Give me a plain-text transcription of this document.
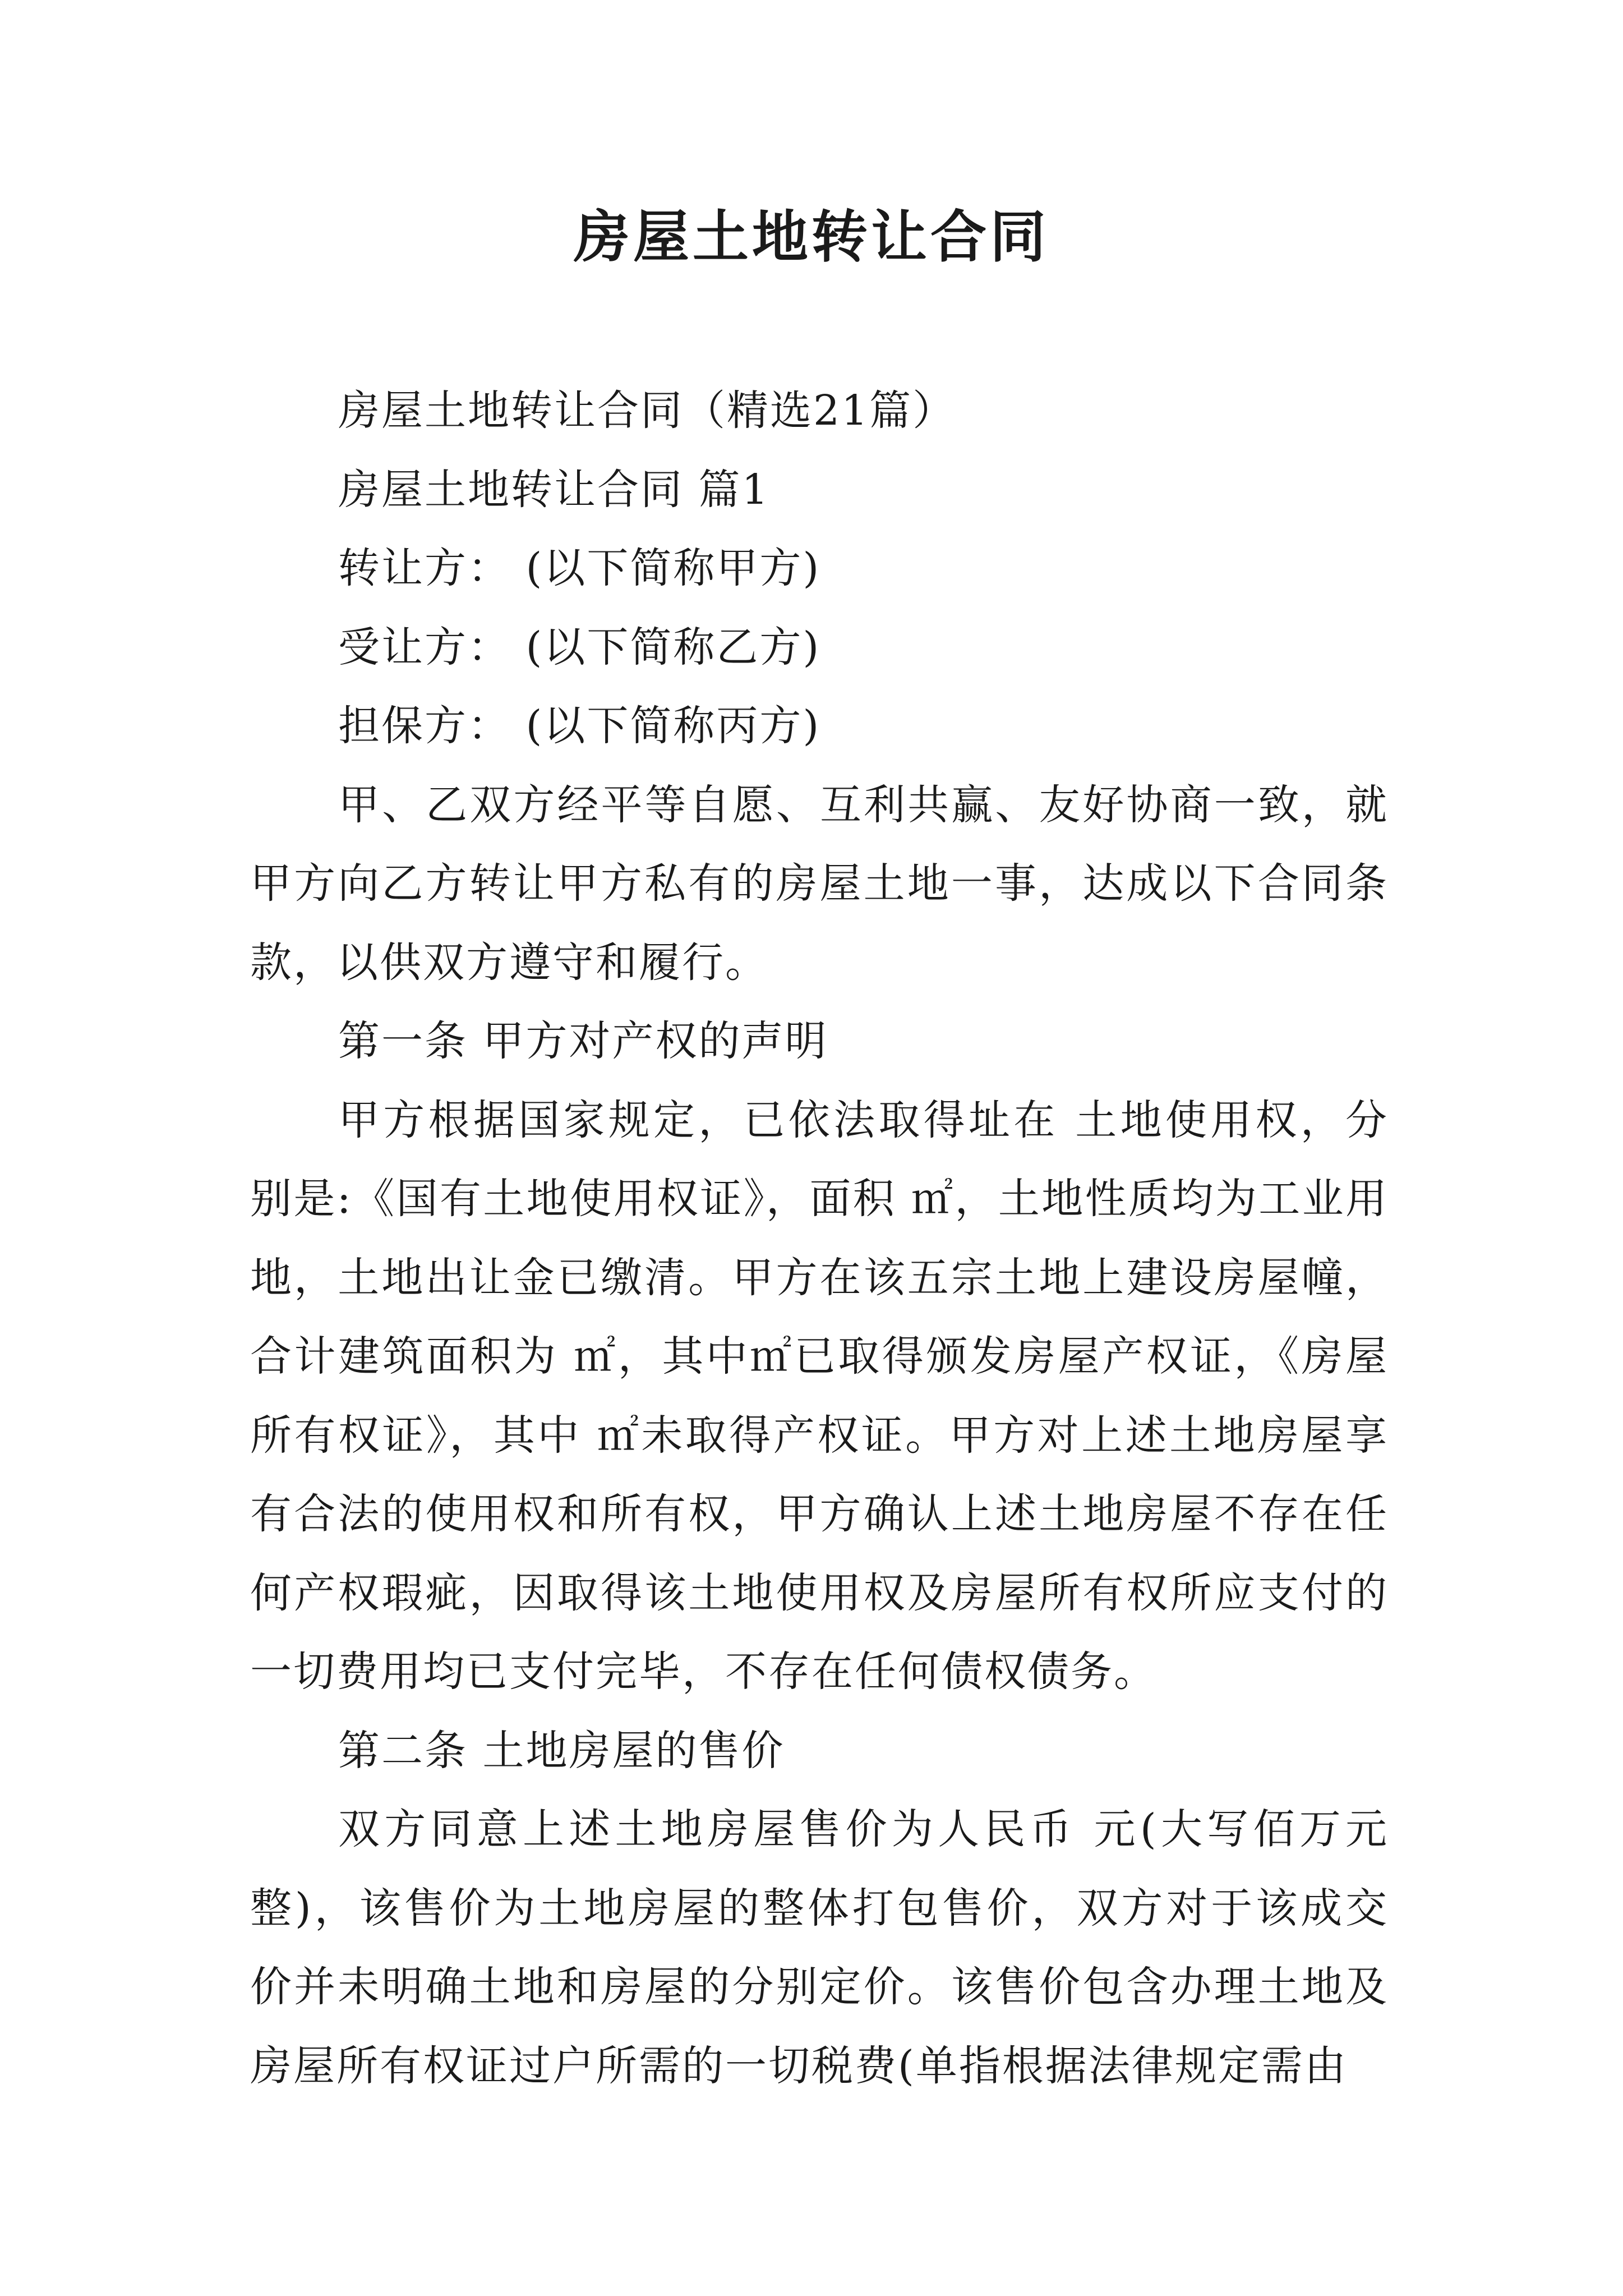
房屋土地转让合同

房屋土地转让合同（精选21篇）

房屋土地转让合同 篇1

转让方： (以下简称甲方)

受让方： (以下简称乙方)

担保方： (以下简称丙方)

甲、乙双方经平等自愿、互利共赢、友好协商一致，就甲方向乙方转让甲方私有的房屋土地一事，达成以下合同条款，以供双方遵守和履行。

第一条 甲方对产权的声明

甲方根据国家规定，已依法取得址在 土地使用权，分别是:《国有土地使用权证》，面积 ㎡，土地性质均为工业用地，土地出让金已缴清。甲方在该五宗土地上建设房屋幢，合计建筑面积为 ㎡，其中㎡已取得颁发房屋产权证，《房屋所有权证》，其中 ㎡未取得产权证。甲方对上述土地房屋享有合法的使用权和所有权，甲方确认上述土地房屋不存在任何产权瑕疵，因取得该土地使用权及房屋所有权所应支付的一切费用均已支付完毕，不存在任何债权债务。

第二条 土地房屋的售价

双方同意上述土地房屋售价为人民币 元(大写佰万元整)，该售价为土地房屋的整体打包售价，双方对于该成交价并未明确土地和房屋的分别定价。该售价包含办理土地及房屋所有权证过户所需的一切税费(单指根据法律规定需由
